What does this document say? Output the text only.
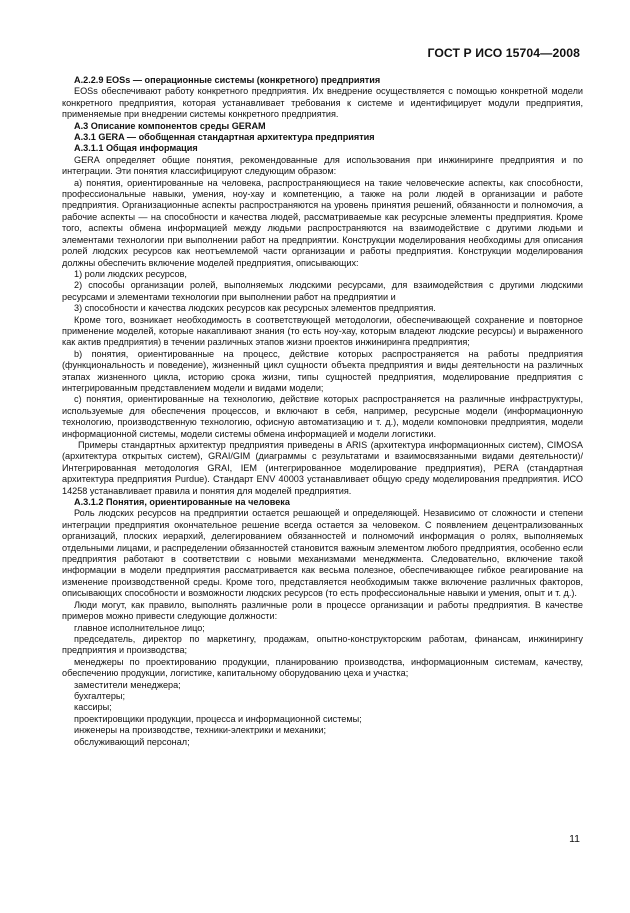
ГОСТ Р ИСО 15704—2008

А.2.2.9 EOSs — операционные системы (конкретного) предприятия

EOSs обеспечивают работу конкретного предприятия. Их внедрение осуществляется с помощью конкретной модели конкретного предприятия, которая устанавливает требования к системе и идентифицирует модули предприятия, применяемые при внедрении системы конкретного предприятия.

А.3 Описание компонентов среды GERAM

А.3.1 GERA — обобщенная стандартная архитектура предприятия

А.3.1.1 Общая информация

GERA определяет общие понятия, рекомендованные для использования при инжиниринге предприятия и по интеграции. Эти понятия классифицируют следующим образом:

a) понятия, ориентированные на человека, распространяющиеся на такие человеческие аспекты, как способности, профессиональные навыки, умения, ноу-хау и компетенцию, а также на роли людей в организации и работе предприятия. Организационные аспекты распространяются на уровень принятия решений, обязанности и полномочия, а рабочие аспекты — на способности и качества людей, рассматриваемые как ресурсные элементы предприятия. Кроме того, аспекты обмена информацией между людьми распространяются на взаимодействие с другими людьми и элементами технологии при выполнении работ на предприятии. Конструкции моделирования необходимы для описания ролей людских ресурсов как неотъемлемой части организации и работы предприятия. Конструкции моделирования должны обеспечить включение моделей предприятия, описывающих:

1) роли людских ресурсов,

2) способы организации ролей, выполняемых людскими ресурсами, для взаимодействия с другими людскими ресурсами и элементами технологии при выполнении работ на предприятии и

3) способности и качества людских ресурсов как ресурсных элементов предприятия.

Кроме того, возникает необходимость в соответствующей методологии, обеспечивающей сохранение и повторное применение моделей, которые накапливают знания (то есть ноу-хау, которым владеют людские ресурсы) и выраженного как актив предприятия) в течении различных этапов жизни проектов инжиниринга предприятия;

b) понятия, ориентированные на процесс, действие которых распространяется на работы предприятия (функциональность и поведение), жизненный цикл сущности объекта предприятия и виды деятельности на различных этапах жизненного цикла, историю срока жизни, типы сущностей предприятия, моделирование предприятия с интегрированным представлением модели и видами модели;

c) понятия, ориентированные на технологию, действие которых распространяется на различные инфраструктуры, используемые для обеспечения процессов, и включают в себя, например, ресурсные модели (информационную технологию, производственную технологию, офисную автоматизацию и т. д.), модели компоновки предприятия, модели информационной системы, модели системы обмена информацией и модели логистики.

Примеры стандартных архитектур предприятия приведены в ARIS (архитектура информационных систем), CIMOSA (архитектура открытых систем), GRAI/GIM (диаграммы с результатами и взаимосвязанными видами деятельности)/Интегрированная методология GRAI, IEM (интегрированное моделирование предприятия), PERA (стандартная архитектура предприятия Purdue). Стандарт ENV 40003 устанавливает общую среду моделирования предприятия. ИСО 14258 устанавливает правила и понятия для моделей предприятия.

А.3.1.2 Понятия, ориентированные на человека

Роль людских ресурсов на предприятии остается решающей и определяющей. Независимо от сложности и степени интеграции предприятия окончательное решение всегда остается за человеком. С появлением децентрализованных организаций, плоских иерархий, делегированием обязанностей и полномочий информация о ролях, выполняемых отдельными лицами, и распределении обязанностей становится важным элементом любого предприятия, особенно если предприятия работают в соответствии с новыми механизмами менеджмента. Следовательно, включение такой информации в модели предприятия рассматривается как весьма полезное, обеспечивающее гибкое реагирование на изменение производственной среды. Кроме того, представляется необходимым также включение различных факторов, описывающих способности и возможности людских ресурсов (то есть профессиональные навыки и умения, опыт и т. д.).

Люди могут, как правило, выполнять различные роли в процессе организации и работы предприятия. В качестве примеров можно привести следующие должности:

главное исполнительное лицо;

председатель, директор по маркетингу, продажам, опытно-конструкторским работам, финансам, инжинирингу предприятия и производства;

менеджеры по проектированию продукции, планированию производства, информационным системам, качеству, обеспечению продукции, логистике, капитальному оборудованию цеха и участка;

заместители менеджера;

бухгалтеры;

кассиры;

проектировщики продукции, процесса и информационной системы;

инженеры на производстве, техники-электрики и механики;

обслуживающий персонал;

11
